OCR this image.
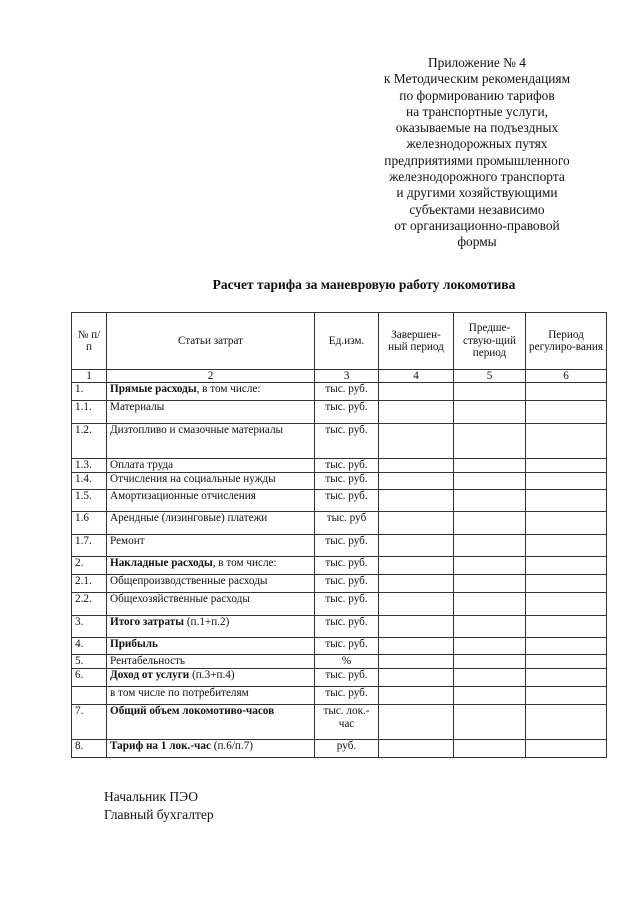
Приложение № 4
к Методическим рекомендациям
по формированию тарифов
на транспортные услуги,
оказываемые на подъездных
железнодорожных путях
предприятиями промышленного
железнодорожного транспорта
и другими хозяйствующими
субъектами независимо
от организационно-правовой
формы
Расчет тарифа за маневровую работу локомотива
№ п/п	Статьи затрат	Ед.изм.	Завершен-ный период	Предше-ствую-щий период	Период регулиро-вания
1	2	3	4	5	6
1.	Прямые расходы, в том числе:	тыс. руб.			
1.1.	Материалы	тыс. руб.			
1.2.	Дизтопливо и смазочные материалы	тыс. руб.			
1.3.	Оплата труда	тыс. руб.			
1.4.	Отчисления на социальные нужды	тыс. руб.			
1.5.	Амортизационные отчисления	тыс. руб.			
1.6	Арендные (лизинговые) платежи	тыс. руб			
1.7.	Ремонт	тыс. руб.			
2.	Накладные расходы, в том числе:	тыс. руб.			
2.1.	Общепроизводственные расходы	тыс. руб.			
2.2.	Общехозяйственные расходы	тыс. руб.			
3.	Итого затраты (п.1+п.2)	тыс. руб.			
4.	Прибыль	тыс. руб.			
5.	Рентабельность	%			
6.	Доход от услуги (п.3+п.4)	тыс. руб.			
	в том числе по потребителям	тыс. руб.			
7.	Общий объем локомотиво-часов	тыс. лок.-час			
8.	Тариф на 1 лок.-час (п.6/п.7)	руб.			
Начальник ПЭО
Главный бухгалтер
